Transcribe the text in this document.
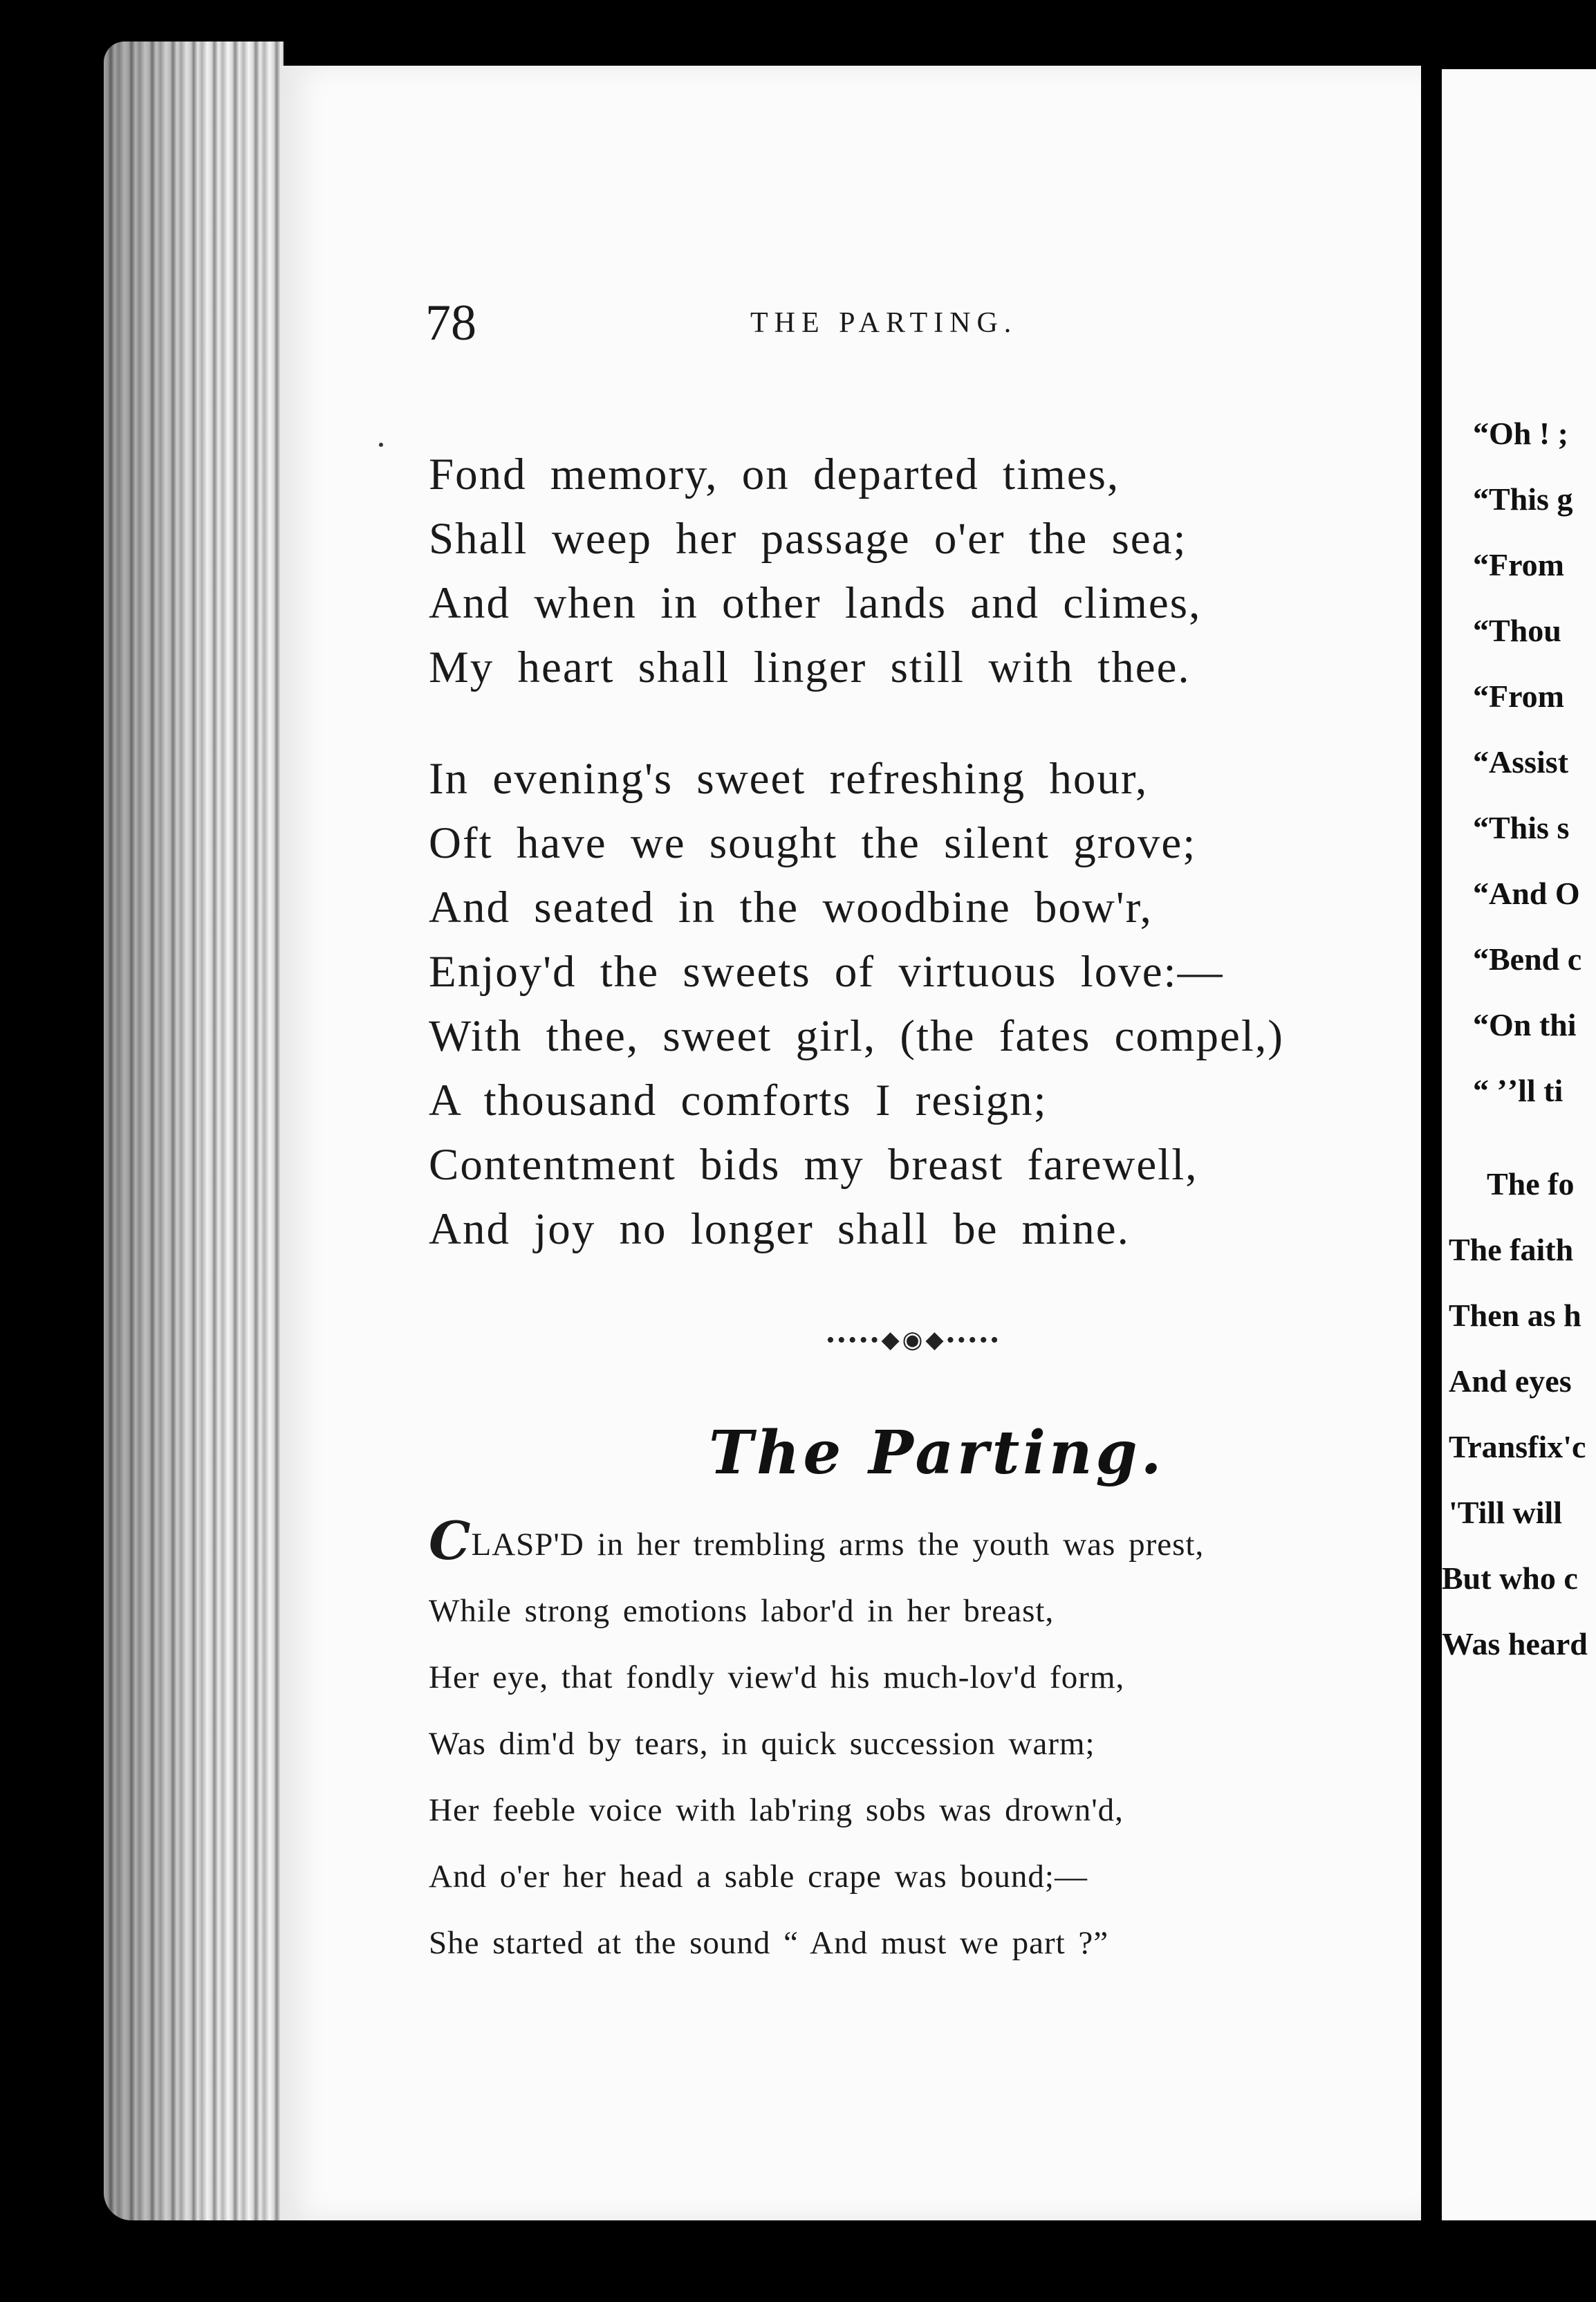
78	THE PARTING.
Fond memory, on departed times,
Shall weep her passage o'er the sea;
And when in other lands and climes,
My heart shall linger still with thee.
In evening's sweet refreshing hour,
Oft have we sought the silent grove;
And seated in the woodbine bow'r,
Enjoy'd the sweets of virtuous love:—
With thee, sweet girl, (the fates compel,)
A thousand comforts I resign;
Contentment bids my breast farewell,
And joy no longer shall be mine.
•••••◆◉◆•••••
The Parting.
CLASP'D in her trembling arms the youth was prest,
While strong emotions labor'd in her breast,
Her eye, that fondly view'd his much-lov'd form,
Was dim'd by tears, in quick succession warm;
Her feeble voice with lab'ring sobs was drown'd,
And o'er her head a sable crape was bound;—
She started at the sound “ And must we part ?”
“Oh ! ;
“This g
“From
“Thou
“From
“Assist
“This s
“And O
“Bend c
“On thi
“ ʼʼll ti
The fo
The faith
Then as h
And eyes
Transfix'c
'Till will
But who c
Was heard
